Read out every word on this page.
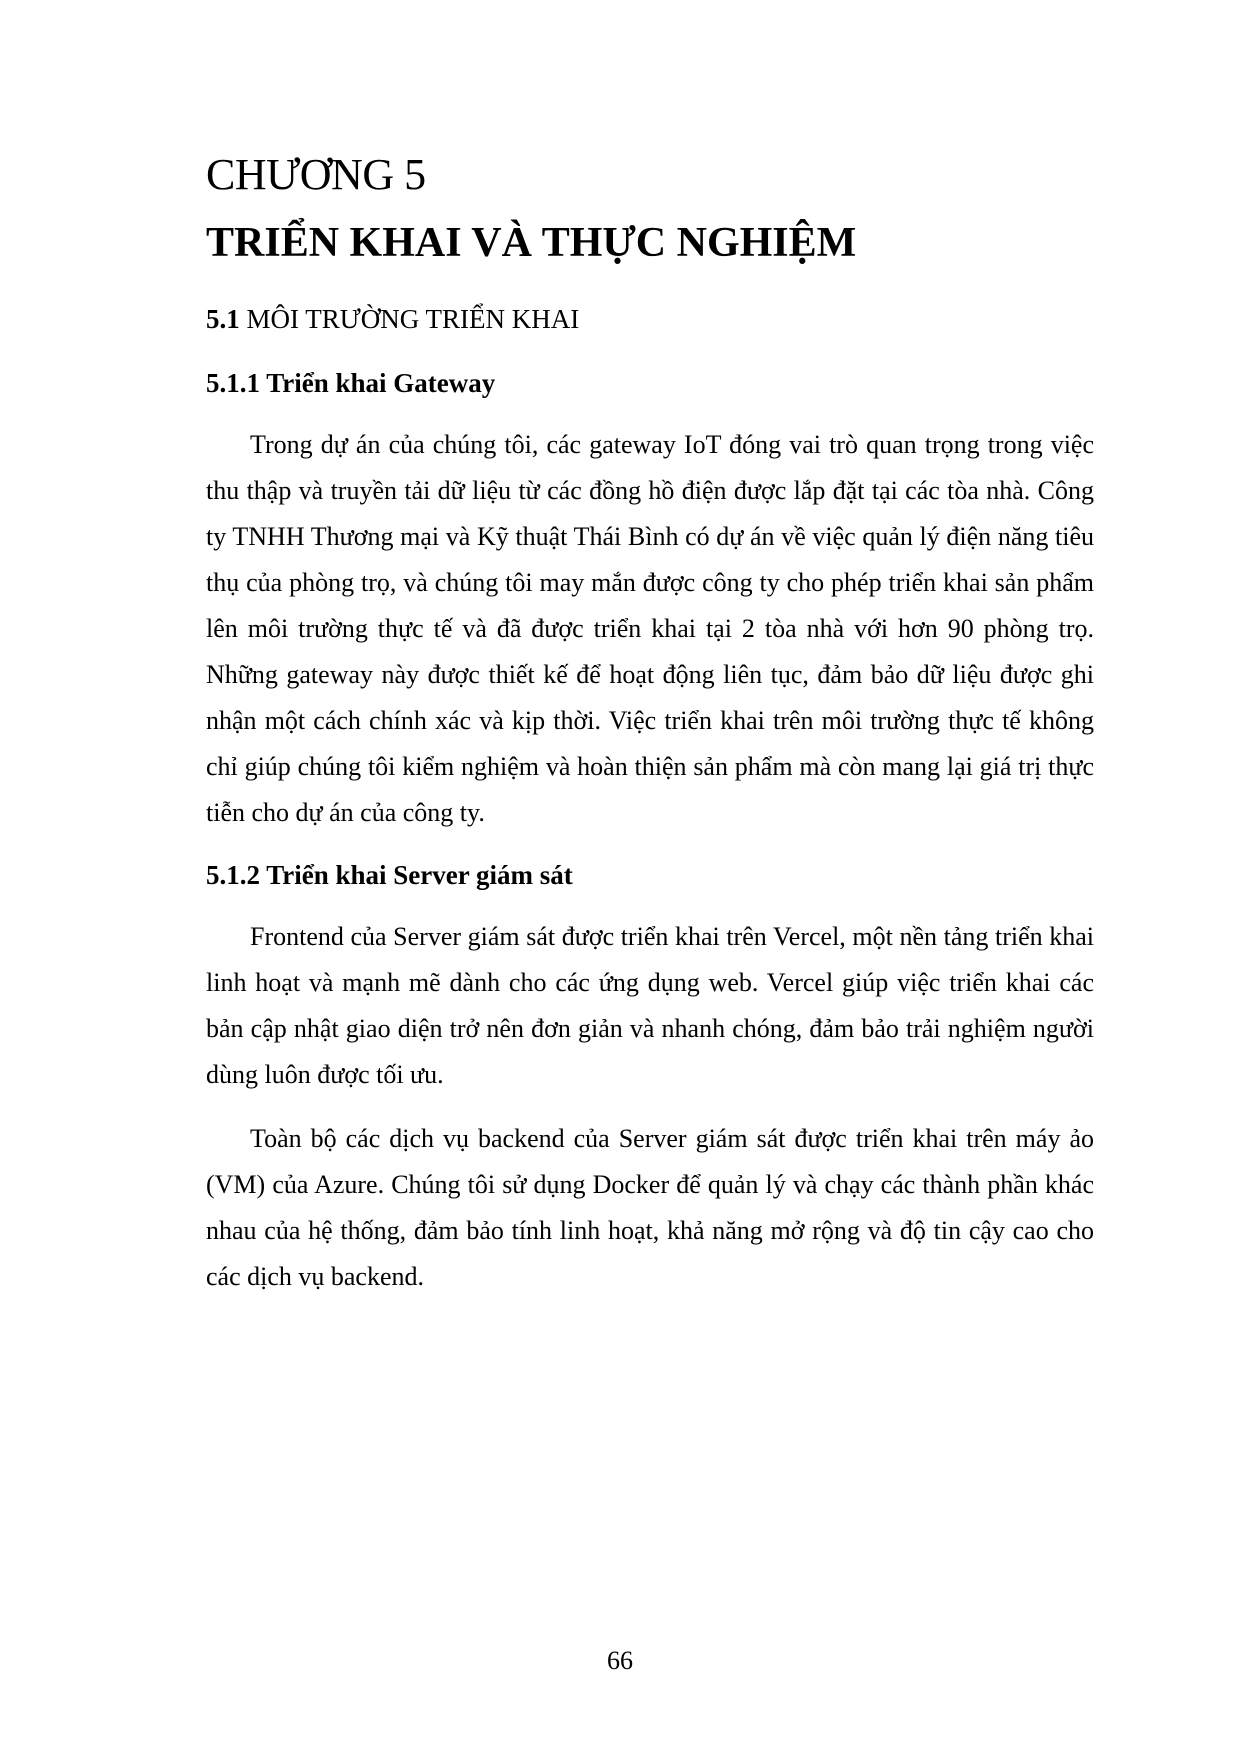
CHƯƠNG 5
TRIỂN KHAI VÀ THỰC NGHIỆM
5.1 MÔI TRƯỜNG TRIỂN KHAI
5.1.1 Triển khai Gateway

Trong dự án của chúng tôi, các gateway IoT đóng vai trò quan trọng trong việc thu thập và truyền tải dữ liệu từ các đồng hồ điện được lắp đặt tại các tòa nhà. Công ty TNHH Thương mại và Kỹ thuật Thái Bình có dự án về việc quản lý điện năng tiêu thụ của phòng trọ, và chúng tôi may mắn được công ty cho phép triển khai sản phẩm lên môi trường thực tế và đã được triển khai tại 2 tòa nhà với hơn 90 phòng trọ. Những gateway này được thiết kế để hoạt động liên tục, đảm bảo dữ liệu được ghi nhận một cách chính xác và kịp thời. Việc triển khai trên môi trường thực tế không chỉ giúp chúng tôi kiểm nghiệm và hoàn thiện sản phẩm mà còn mang lại giá trị thực tiễn cho dự án của công ty.

5.1.2 Triển khai Server giám sát

Frontend của Server giám sát được triển khai trên Vercel, một nền tảng triển khai linh hoạt và mạnh mẽ dành cho các ứng dụng web. Vercel giúp việc triển khai các bản cập nhật giao diện trở nên đơn giản và nhanh chóng, đảm bảo trải nghiệm người dùng luôn được tối ưu.

Toàn bộ các dịch vụ backend của Server giám sát được triển khai trên máy ảo (VM) của Azure. Chúng tôi sử dụng Docker để quản lý và chạy các thành phần khác nhau của hệ thống, đảm bảo tính linh hoạt, khả năng mở rộng và độ tin cậy cao cho các dịch vụ backend.

66
